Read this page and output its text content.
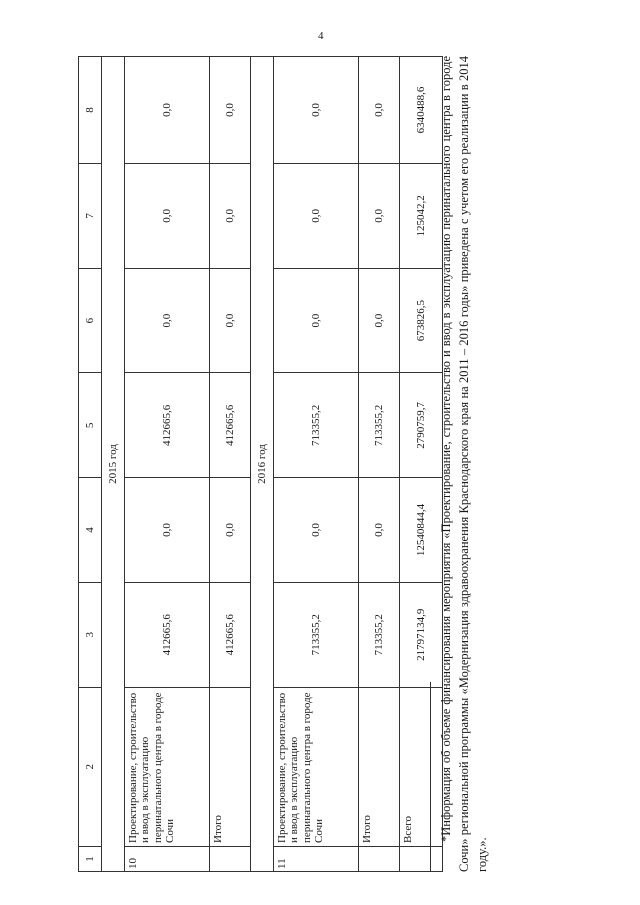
4
1	2	3	4	5	6	7	8
2015 год							
10	Проектирование, строительство и ввод в эксплуатацию перинатального центра в городе Сочи	412665,6	0,0	412665,6	0,0	0,0	0,0
	Итого	412665,6	0,0	412665,6	0,0	0,0	0,0
2016 год							
11	Проектирование, строительство и ввод в эксплуатацию перинатального центра в городе Сочи	713355,2	0,0	713355,2	0,0	0,0	0,0
	Итого	713355,2	0,0	713355,2	0,0	0,0	0,0
	Всего	21797134,9	12540844,4	2790759,7	673826,5	125042,2	6340488,6 *Информация об объеме финансирования мероприятия «Проектирование, строительство и ввод в эксплуатацию перинатального центра в городе Сочи» региональной программы «Модернизация здравоохранения Краснодарского края на 2011 – 2016 годы» приведена с учетом его реализации в 2014 году.».
